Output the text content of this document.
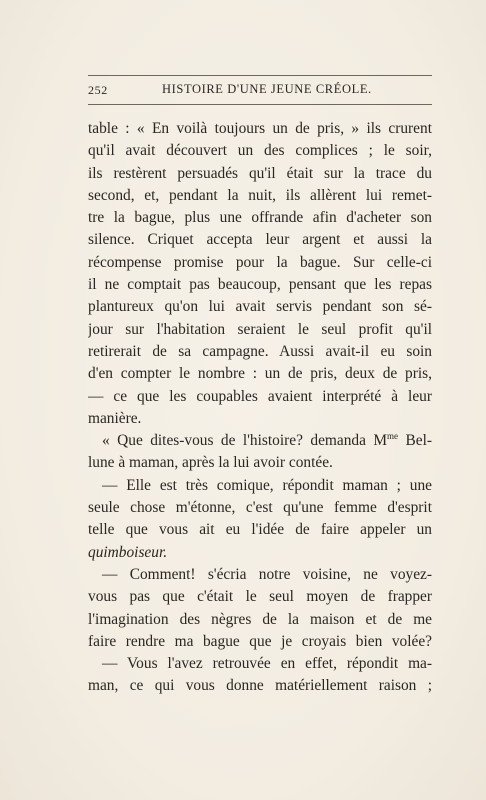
252	HISTOIRE D'UNE JEUNE CRÉOLE.
table : « En voilà toujours un de pris, » ils crurent
qu'il avait découvert un des complices ; le soir,
ils restèrent persuadés qu'il était sur la trace du
second, et, pendant la nuit, ils allèrent lui remet-
tre la bague, plus une offrande afin d'acheter son
silence. Criquet accepta leur argent et aussi la
récompense promise pour la bague. Sur celle-ci
il ne comptait pas beaucoup, pensant que les repas
plantureux qu'on lui avait servis pendant son sé-
jour sur l'habitation seraient le seul profit qu'il
retirerait de sa campagne. Aussi avait-il eu soin
d'en compter le nombre : un de pris, deux de pris,
— ce que les coupables avaient interprété à leur
manière.
« Que dites-vous de l'histoire? demanda $M^{me}$ Bel-
lune à maman, après la lui avoir contée.
— Elle est très comique, répondit maman ; une
seule chose m'étonne, c'est qu'une femme d'esprit
telle que vous ait eu l'idée de faire appeler un
quimboiseur.
— Comment! s'écria notre voisine, ne voyez-
vous pas que c'était le seul moyen de frapper
l'imagination des nègres de la maison et de me
faire rendre ma bague que je croyais bien volée?
— Vous l'avez retrouvée en effet, répondit ma-
man, ce qui vous donne matériellement raison ;
